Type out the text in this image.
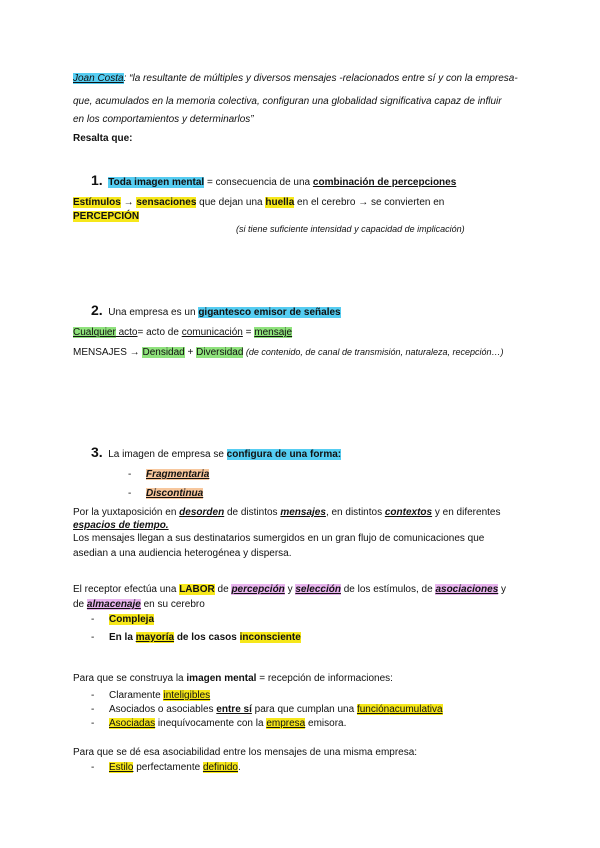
Joan Costa: “la resultante de múltiples y diversos mensajes -relacionados entre sí y con la empresa-
que, acumulados en la memoria colectiva, configuran una globalidad significativa capaz de influir
en los comportamientos y determinarlos”
Resalta que:
1. Toda imagen mental = consecuencia de una combinación de percepciones
Estímulos → sensaciones que dejan una huella en el cerebro → se convierten en
PERCEPCIÓN
(si tiene suficiente intensidad y capacidad de implicación)
2. Una empresa es un gigantesco emisor de señales
Cualquier acto= acto de comunicación = mensaje
MENSAJES → Densidad + Diversidad (de contenido, de canal de transmisión, naturaleza, recepción…)
3. La imagen de empresa se configura de una forma:
- Fragmentaria
- Discontinua
Por la yuxtaposición en desorden de distintos mensajes, en distintos contextos y en diferentes
espacios de tiempo.
Los mensajes llegan a sus destinatarios sumergidos en un gran flujo de comunicaciones que
asedian a una audiencia heterogénea y dispersa.
El receptor efectúa una LABOR de percepción y selección de los estímulos, de asociaciones y
de almacenaje en su cerebro
- Compleja
- En la mayoría de los casos inconsciente
Para que se construya la imagen mental = recepción de informaciones:
- Claramente inteligibles
- Asociados o asociables entre sí para que cumplan una funciónacumulativa
- Asociadas inequívocamente con la empresa emisora.
Para que se dé esa asociabilidad entre los mensajes de una misma empresa:
- Estilo perfectamente definido.
